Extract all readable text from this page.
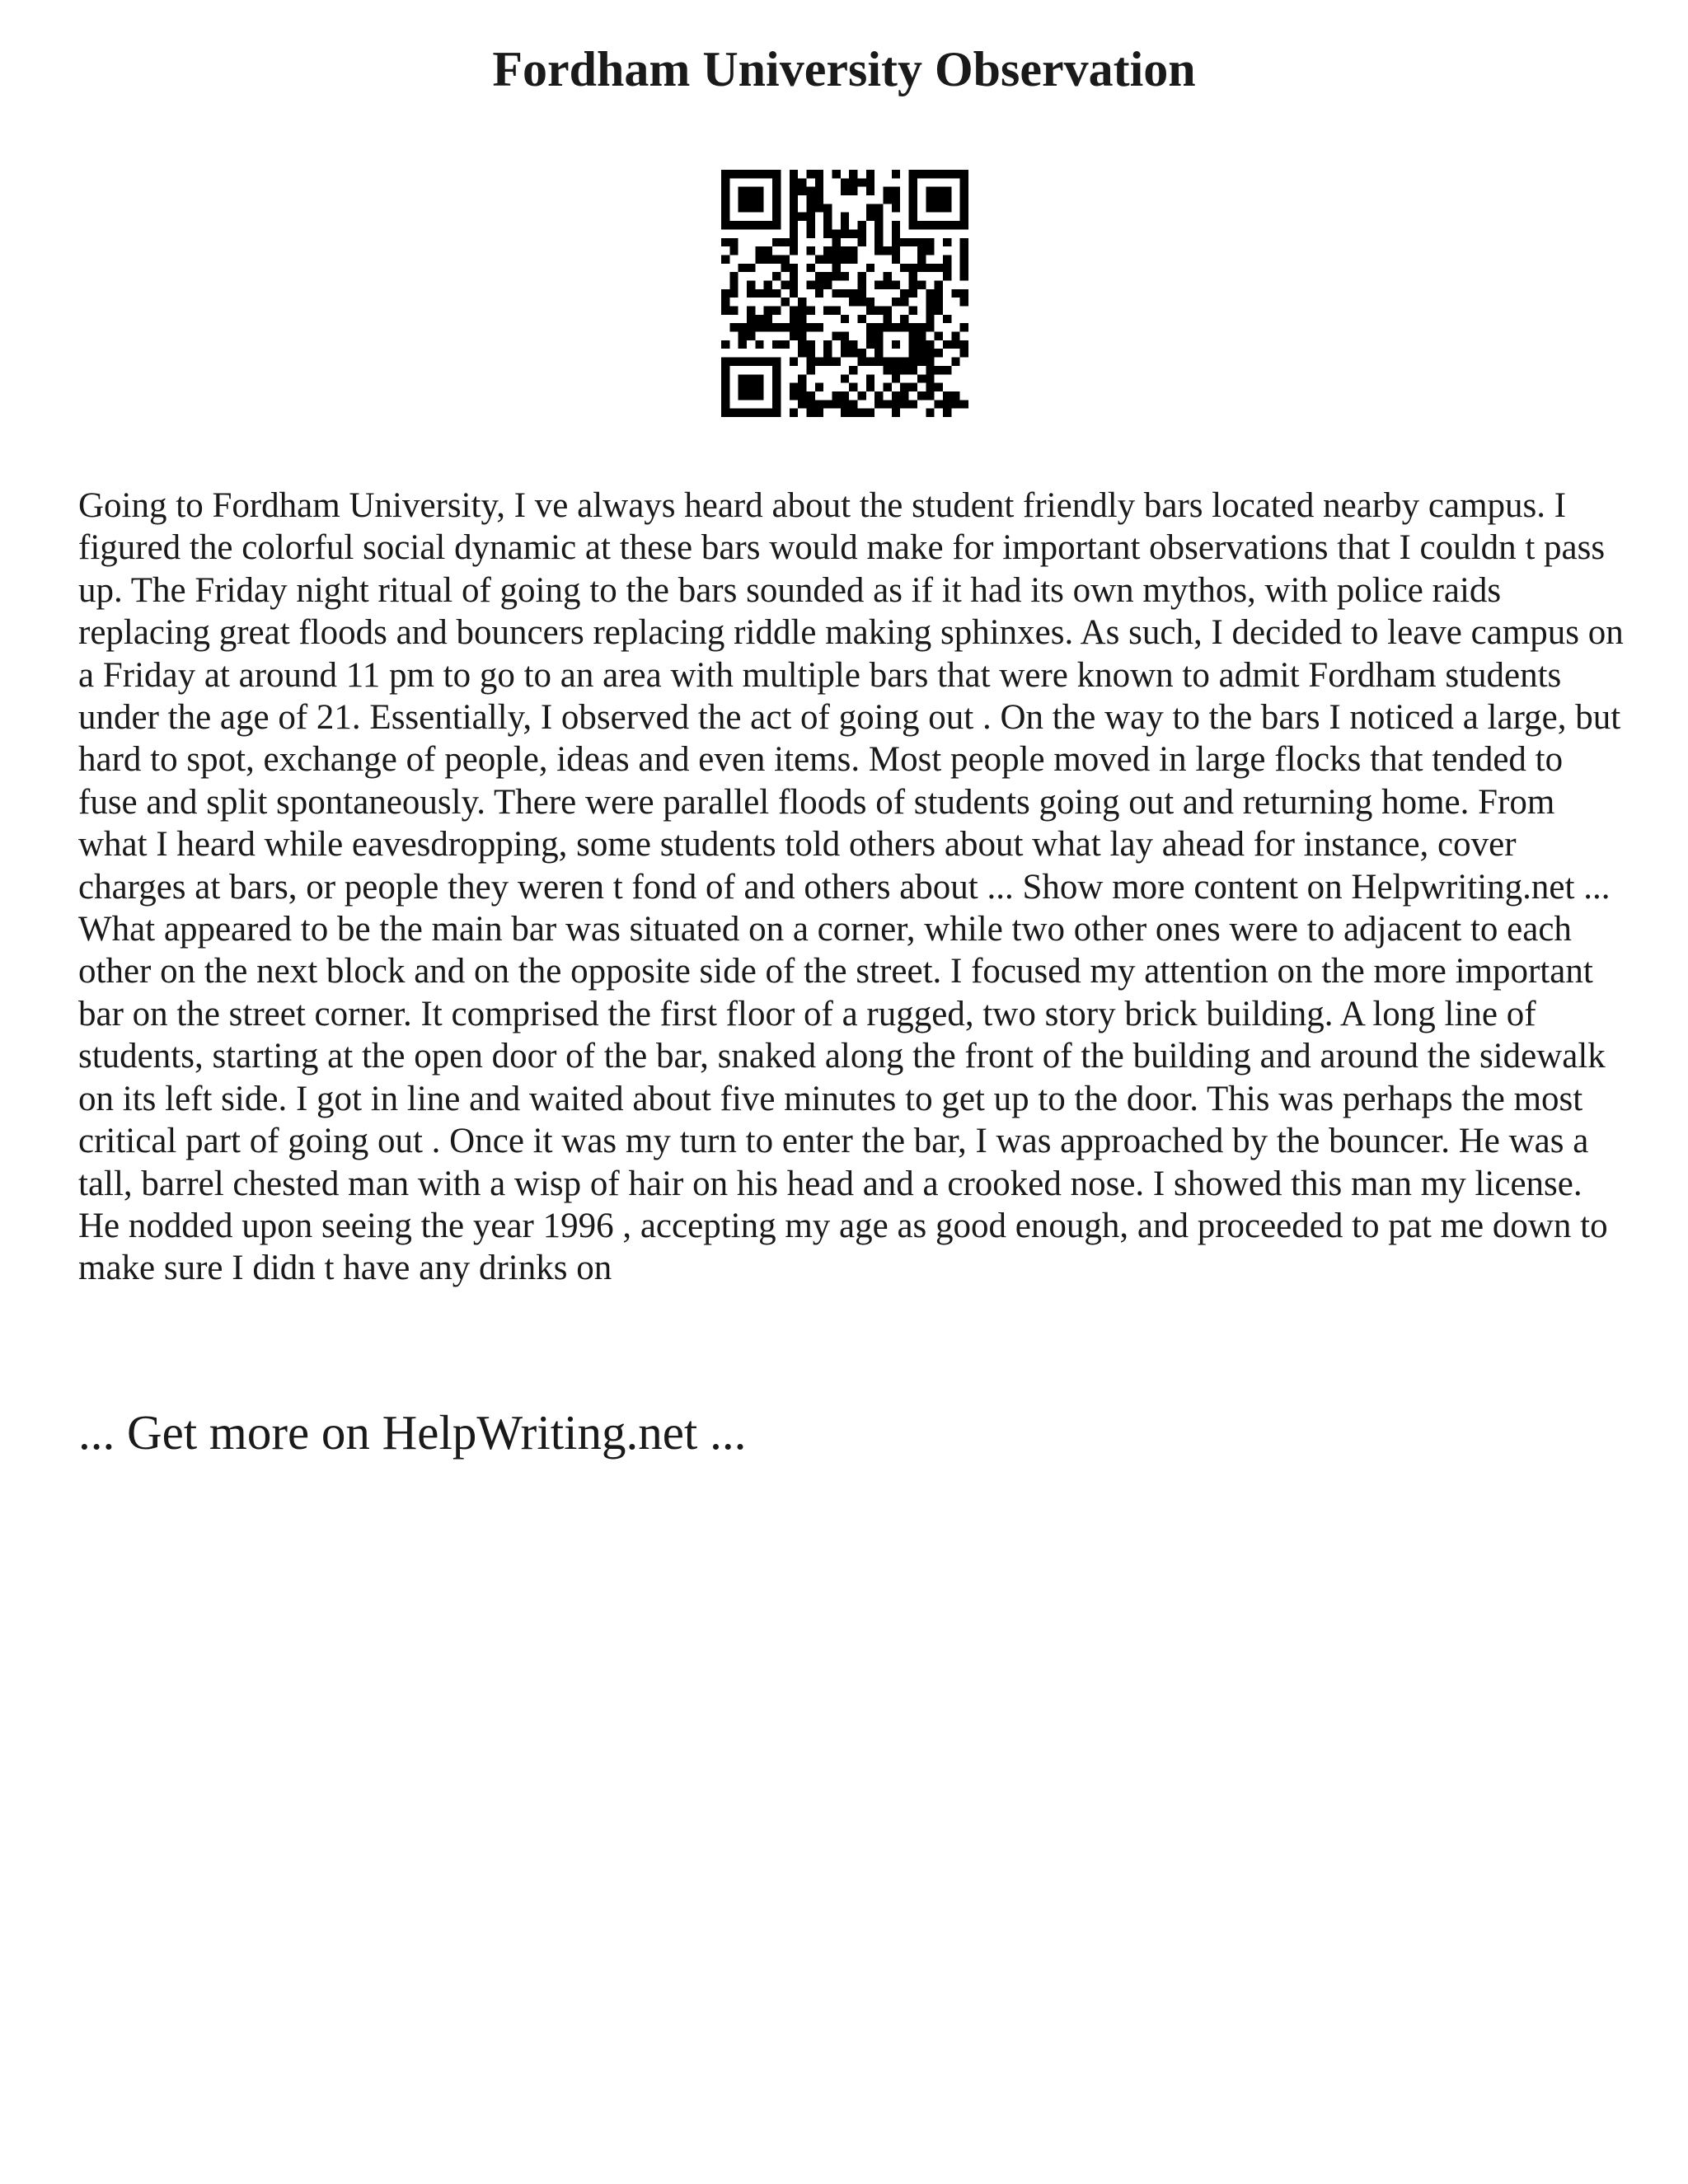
Fordham University Observation

Going to Fordham University, I ve always heard about the student friendly bars located nearby campus. I figured the colorful social dynamic at these bars would make for important observations that I couldn t pass up. The Friday night ritual of going to the bars sounded as if it had its own mythos, with police raids replacing great floods and bouncers replacing riddle making sphinxes. As such, I decided to leave campus on a Friday at around 11 pm to go to an area with multiple bars that were known to admit Fordham students under the age of 21. Essentially, I observed the act of going out . On the way to the bars I noticed a large, but hard to spot, exchange of people, ideas and even items. Most people moved in large flocks that tended to fuse and split spontaneously. There were parallel floods of students going out and returning home. From what I heard while eavesdropping, some students told others about what lay ahead for instance, cover charges at bars, or people they weren t fond of and others about ... Show more content on Helpwriting.net ...

What appeared to be the main bar was situated on a corner, while two other ones were to adjacent to each other on the next block and on the opposite side of the street. I focused my attention on the more important bar on the street corner. It comprised the first floor of a rugged, two story brick building. A long line of students, starting at the open door of the bar, snaked along the front of the building and around the sidewalk on its left side. I got in line and waited about five minutes to get up to the door. This was perhaps the most critical part of going out . Once it was my turn to enter the bar, I was approached by the bouncer. He was a tall, barrel chested man with a wisp of hair on his head and a crooked nose. I showed this man my license. He nodded upon seeing the year 1996 , accepting my age as good enough, and proceeded to pat me down to make sure I didn t have any drinks on

... Get more on HelpWriting.net ...
